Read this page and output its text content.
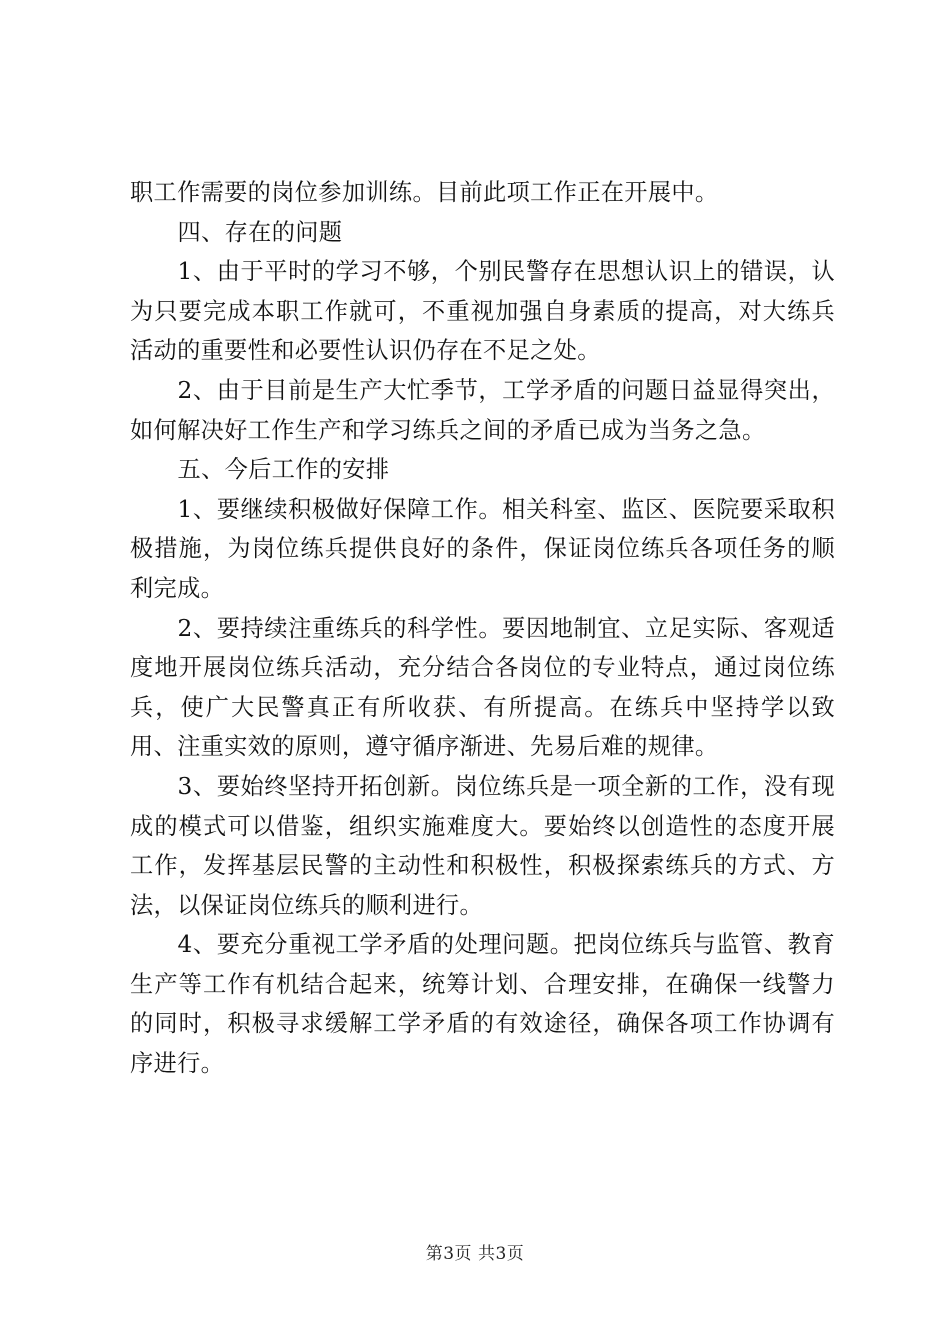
职工作需要的岗位参加训练。目前此项工作正在开展中。

四、存在的问题

1、由于平时的学习不够，个别民警存在思想认识上的错误，认为只要完成本职工作就可，不重视加强自身素质的提高，对大练兵活动的重要性和必要性认识仍存在不足之处。

2、由于目前是生产大忙季节，工学矛盾的问题日益显得突出，如何解决好工作生产和学习练兵之间的矛盾已成为当务之急。

五、今后工作的安排

1、要继续积极做好保障工作。相关科室、监区、医院要采取积极措施，为岗位练兵提供良好的条件，保证岗位练兵各项任务的顺利完成。

2、要持续注重练兵的科学性。要因地制宜、立足实际、客观适度地开展岗位练兵活动，充分结合各岗位的专业特点，通过岗位练兵，使广大民警真正有所收获、有所提高。在练兵中坚持学以致用、注重实效的原则，遵守循序渐进、先易后难的规律。

3、要始终坚持开拓创新。岗位练兵是一项全新的工作，没有现成的模式可以借鉴，组织实施难度大。要始终以创造性的态度开展工作，发挥基层民警的主动性和积极性，积极探索练兵的方式、方法，以保证岗位练兵的顺利进行。

4、要充分重视工学矛盾的处理问题。把岗位练兵与监管、教育生产等工作有机结合起来，统筹计划、合理安排，在确保一线警力的同时，积极寻求缓解工学矛盾的有效途径，确保各项工作协调有序进行。

第3页 共3页
